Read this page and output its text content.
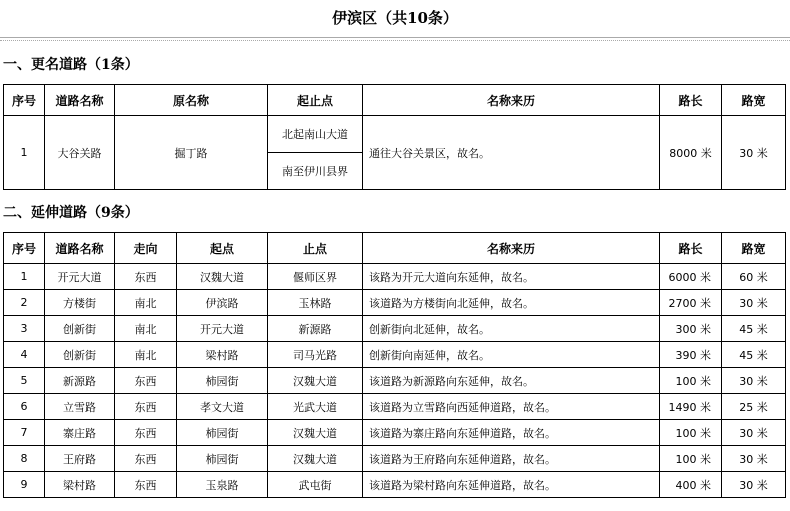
伊滨区（共10条）
一、更名道路（1条）
序号	道路名称	原名称	起止点	名称来历	路长	路宽
1	大谷关路	掘丁路	北起南山大道	通往大谷关景区，故名。	8000 米	30 米
			南至伊川县界			
二、延伸道路（9条）
序号	道路名称	走向	起点	止点	名称来历	路长	路宽
1	开元大道	东西	汉魏大道	偃师区界	该路为开元大道向东延伸，故名。	6000 米	60 米
2	方楼街	南北	伊滨路	玉林路	该道路为方楼街向北延伸，故名。	2700 米	30 米
3	创新街	南北	开元大道	新源路	创新街向北延伸，故名。	300 米	45 米
4	创新街	南北	梁村路	司马光路	创新街向南延伸，故名。	390 米	45 米
5	新源路	东西	柿园街	汉魏大道	该道路为新源路向东延伸，故名。	100 米	30 米
6	立雪路	东西	孝文大道	光武大道	该道路为立雪路向西延伸道路，故名。	1490 米	25 米
7	寨庄路	东西	柿园街	汉魏大道	该道路为寨庄路向东延伸道路，故名。	100 米	30 米
8	王府路	东西	柿园街	汉魏大道	该道路为王府路向东延伸道路，故名。	100 米	30 米
9	梁村路	东西	玉泉路	武屯街	该道路为梁村路向东延伸道路，故名。	400 米	30 米
